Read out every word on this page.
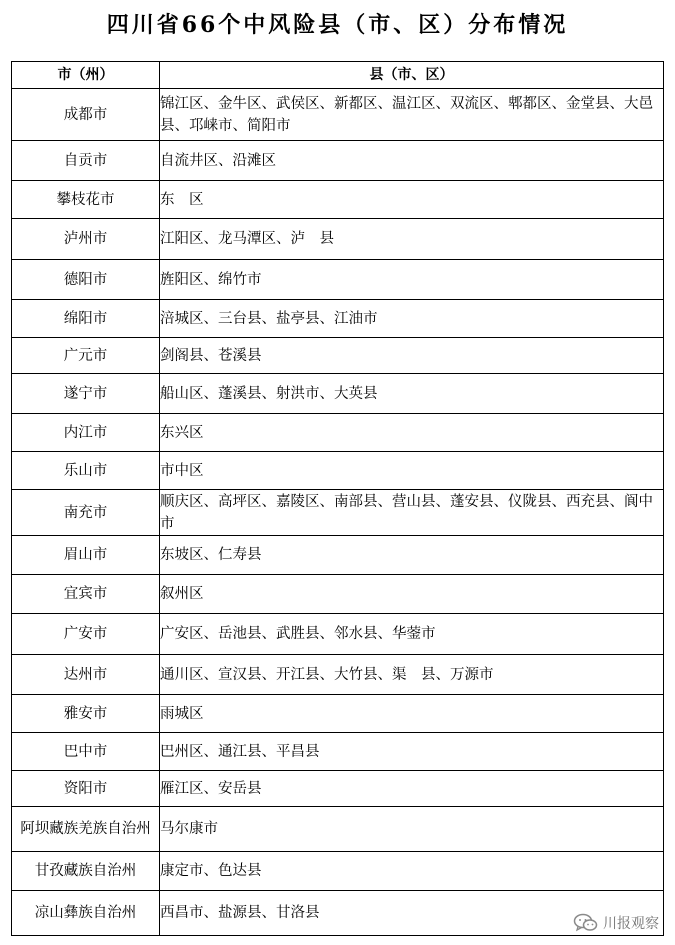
四川省66个中风险县（市、区）分布情况
市（州）	县（市、区）
成都市	锦江区、金牛区、武侯区、新都区、温江区、双流区、郫都区、金堂县、大邑县、邛崃市、简阳市
自贡市	自流井区、沿滩区
攀枝花市	东　区
泸州市	江阳区、龙马潭区、泸　县
德阳市	旌阳区、绵竹市
绵阳市	涪城区、三台县、盐亭县、江油市
广元市	剑阁县、苍溪县
遂宁市	船山区、蓬溪县、射洪市、大英县
内江市	东兴区
乐山市	市中区
南充市	顺庆区、高坪区、嘉陵区、南部县、营山县、蓬安县、仪陇县、西充县、阆中市
眉山市	东坡区、仁寿县
宜宾市	叙州区
广安市	广安区、岳池县、武胜县、邻水县、华蓥市
达州市	通川区、宣汉县、开江县、大竹县、渠　县、万源市
雅安市	雨城区
巴中市	巴州区、通江县、平昌县
资阳市	雁江区、安岳县
阿坝藏族羌族自治州	马尔康市
甘孜藏族自治州	康定市、色达县
凉山彝族自治州	西昌市、盐源县、甘洛县
川报观察
